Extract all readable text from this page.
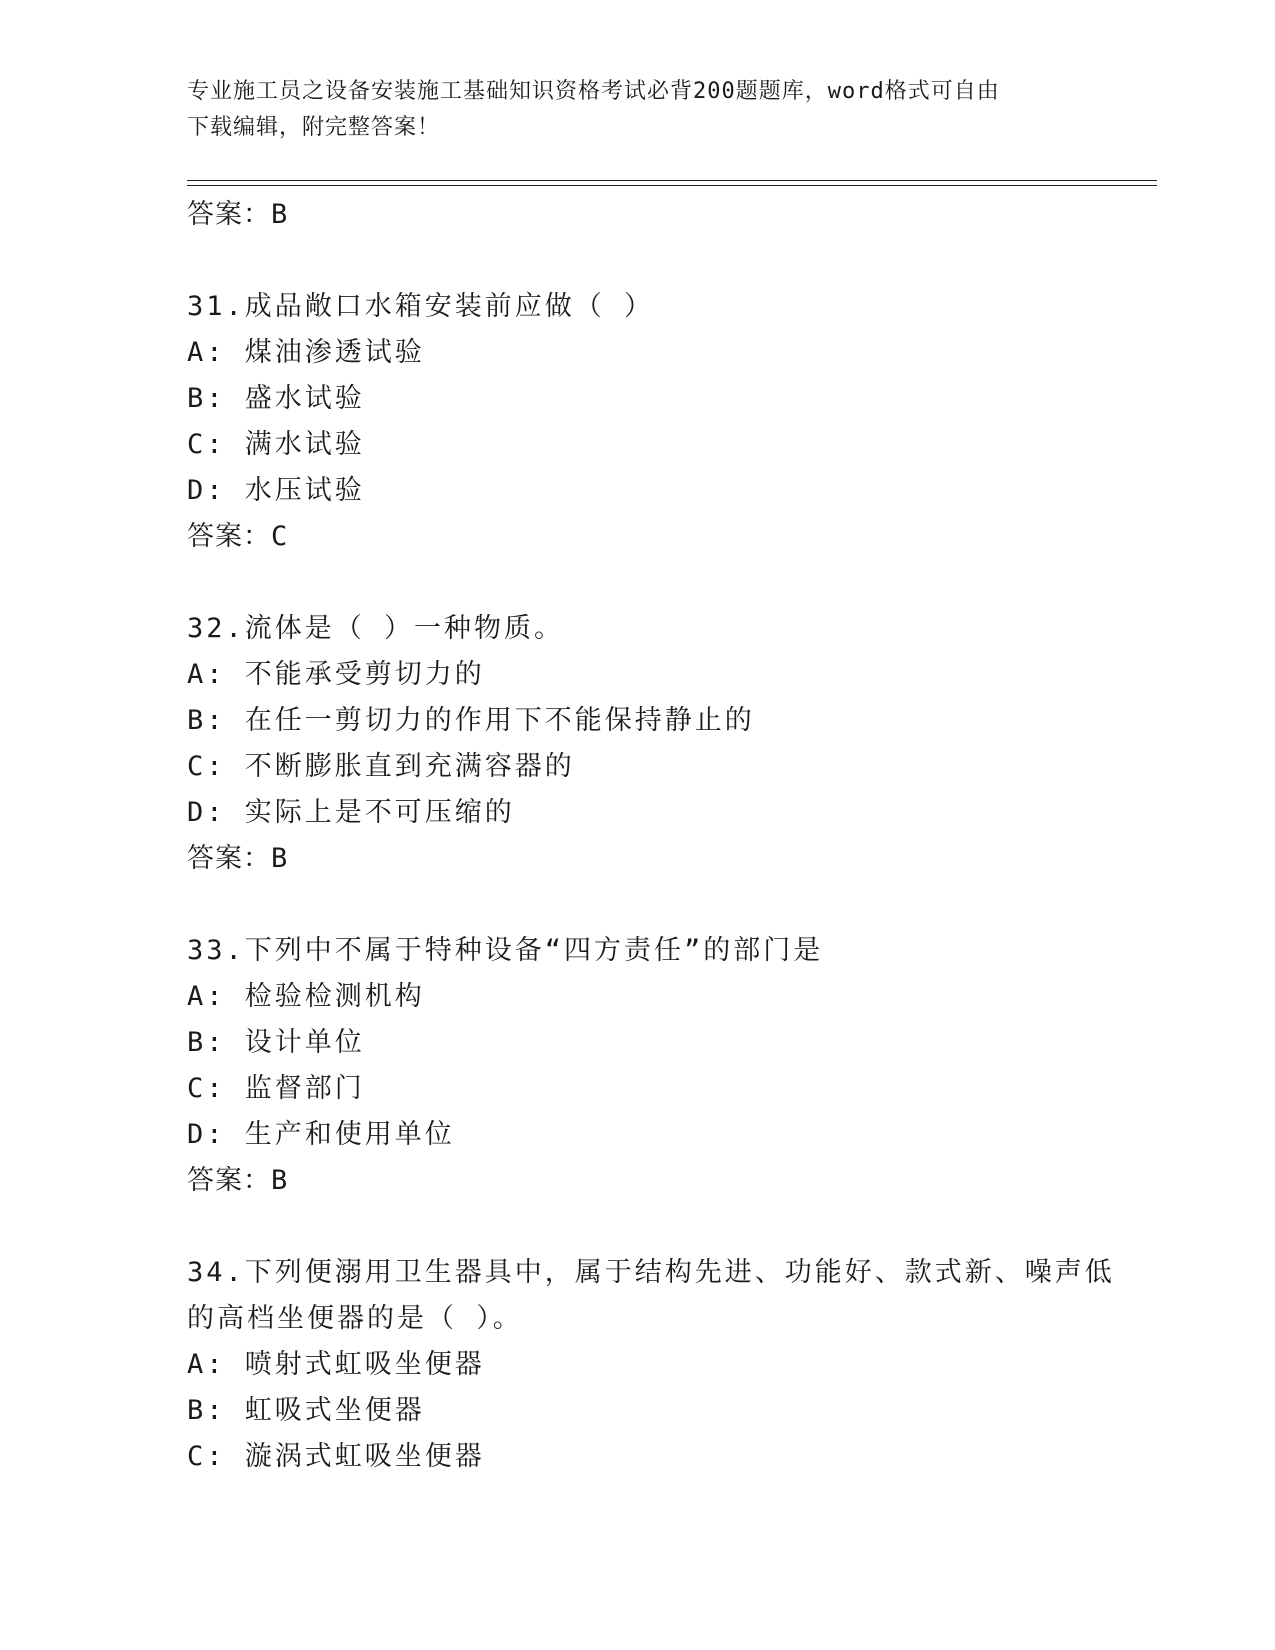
专业施工员之设备安装施工基础知识资格考试必背200题题库，word格式可自由
下载编辑，附完整答案！
答案：B
31.成品敞口水箱安装前应做（ ）
A: 煤油渗透试验
B: 盛水试验
C: 满水试验
D: 水压试验
答案：C
32.流体是（ ）一种物质。
A: 不能承受剪切力的
B: 在任一剪切力的作用下不能保持静止的
C: 不断膨胀直到充满容器的
D: 实际上是不可压缩的
答案：B
33.下列中不属于特种设备“四方责任”的部门是
A: 检验检测机构
B: 设计单位
C: 监督部门
D: 生产和使用单位
答案：B
34.下列便溺用卫生器具中，属于结构先进、功能好、款式新、噪声低
的高档坐便器的是（ ）。
A: 喷射式虹吸坐便器
B: 虹吸式坐便器
C: 漩涡式虹吸坐便器
